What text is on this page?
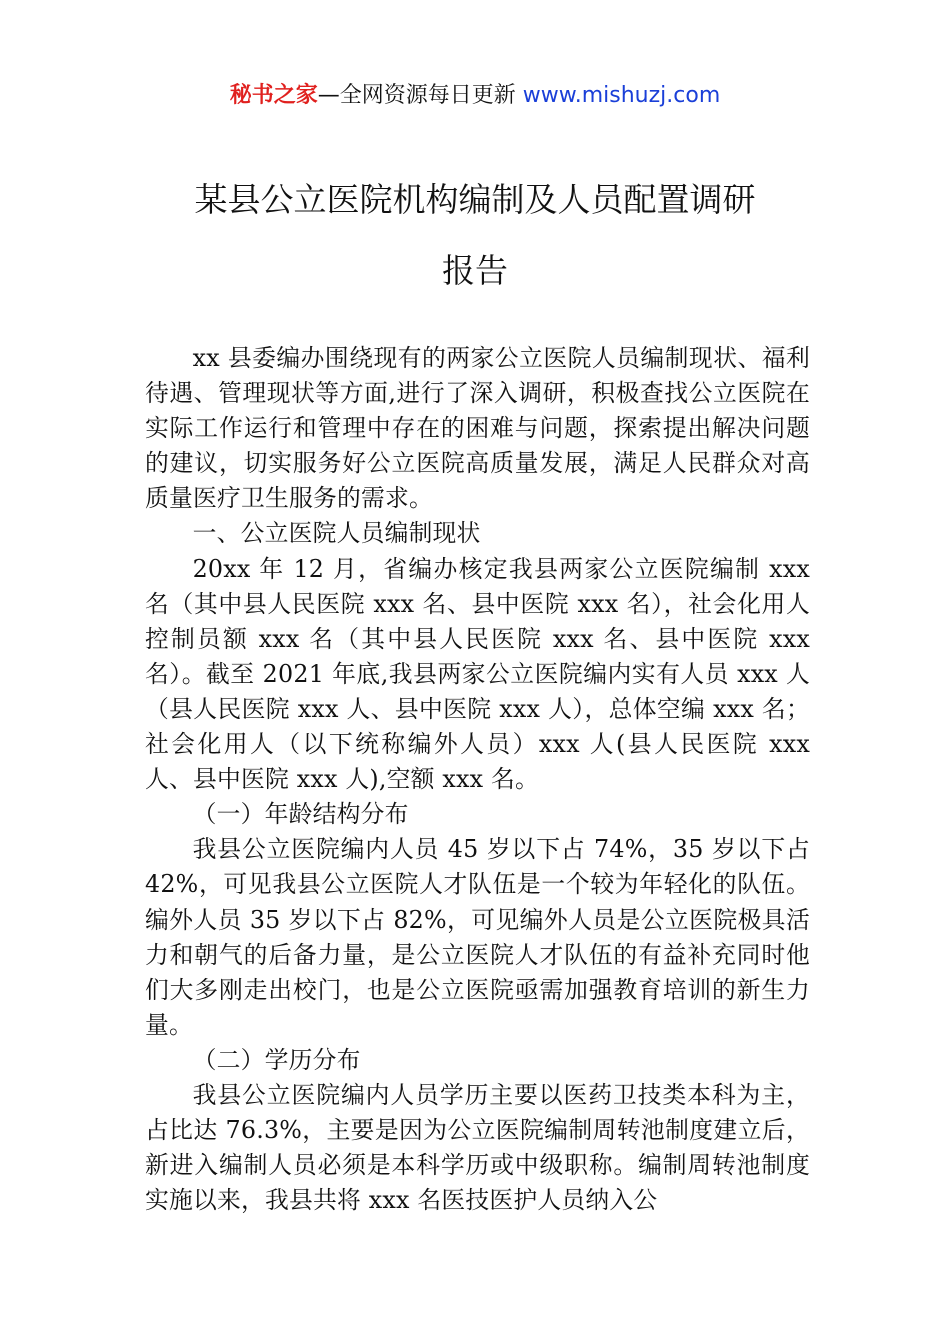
秘书之家—全网资源每日更新 www.mishuzj.com
某县公立医院机构编制及人员配置调研
报告

xx 县委编办围绕现有的两家公立医院人员编制现状、福利待遇、管理现状等方面,进行了深入调研，积极查找公立医院在实际工作运行和管理中存在的困难与问题，探索提出解决问题的建议，切实服务好公立医院高质量发展，满足人民群众对高质量医疗卫生服务的需求。

一、公立医院人员编制现状

20xx 年 12 月，省编办核定我县两家公立医院编制 xxx 名（其中县人民医院 xxx 名、县中医院 xxx 名），社会化用人控制员额 xxx 名（其中县人民医院 xxx 名、县中医院 xxx 名）。截至 2021 年底,我县两家公立医院编内实有人员 xxx 人（县人民医院 xxx 人、县中医院 xxx 人），总体空编 xxx 名；社会化用人（以下统称编外人员）xxx 人(县人民医院 xxx 人、县中医院 xxx 人),空额 xxx 名。

（一）年龄结构分布

我县公立医院编内人员 45 岁以下占 74%，35 岁以下占 42%，可见我县公立医院人才队伍是一个较为年轻化的队伍。编外人员 35 岁以下占 82%，可见编外人员是公立医院极具活力和朝气的后备力量，是公立医院人才队伍的有益补充同时他们大多刚走出校门，也是公立医院亟需加强教育培训的新生力量。

（二）学历分布

我县公立医院编内人员学历主要以医药卫技类本科为主，占比达 76.3%，主要是因为公立医院编制周转池制度建立后，新进入编制人员必须是本科学历或中级职称。编制周转池制度实施以来，我县共将 xxx 名医技医护人员纳入公
